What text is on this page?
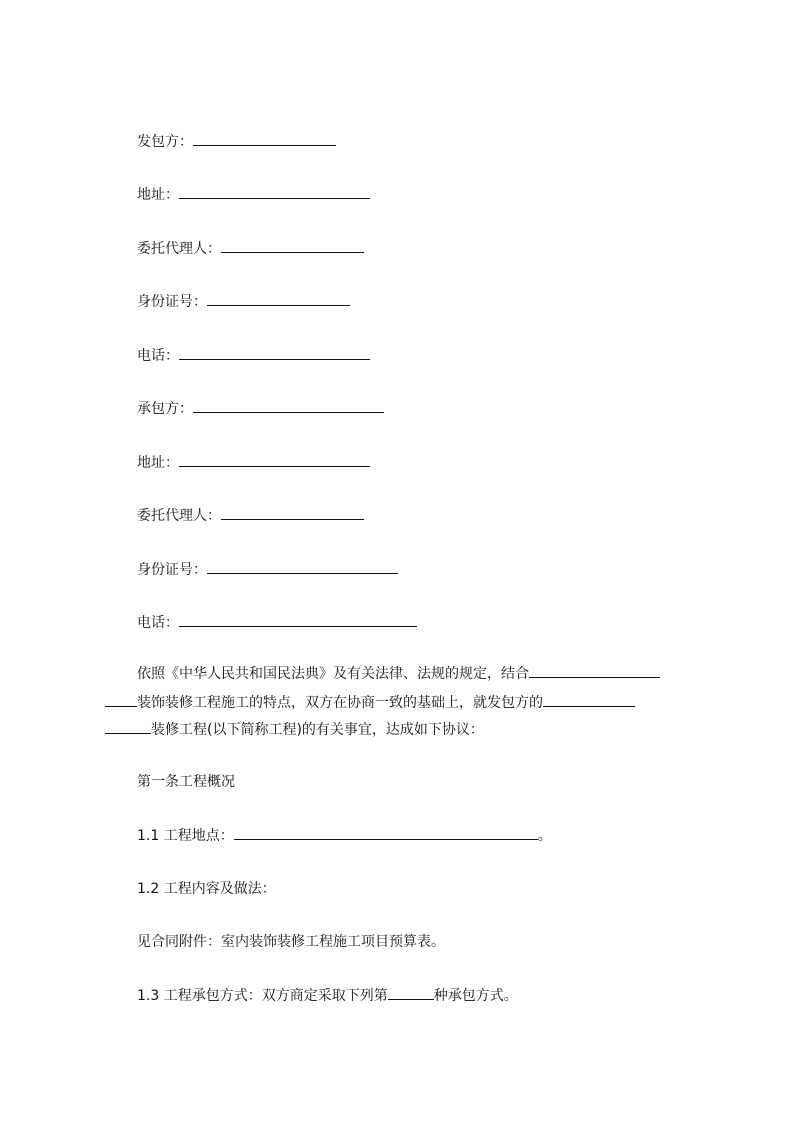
发包方：
地址：
委托代理人：
身份证号：
电话：
承包方：
地址：
委托代理人：
身份证号：
电话：
依照《中华人民共和国民法典》及有关法律、法规的规定，结合
装饰装修工程施工的特点，双方在协商一致的基础上，就发包方的
装修工程(以下简称工程)的有关事宜，达成如下协议：
第一条工程概况
1.1 工程地点：	。
1.2 工程内容及做法：
见合同附件：室内装饰装修工程施工项目预算表。
1.3 工程承包方式：双方商定采取下列第	种承包方式。
